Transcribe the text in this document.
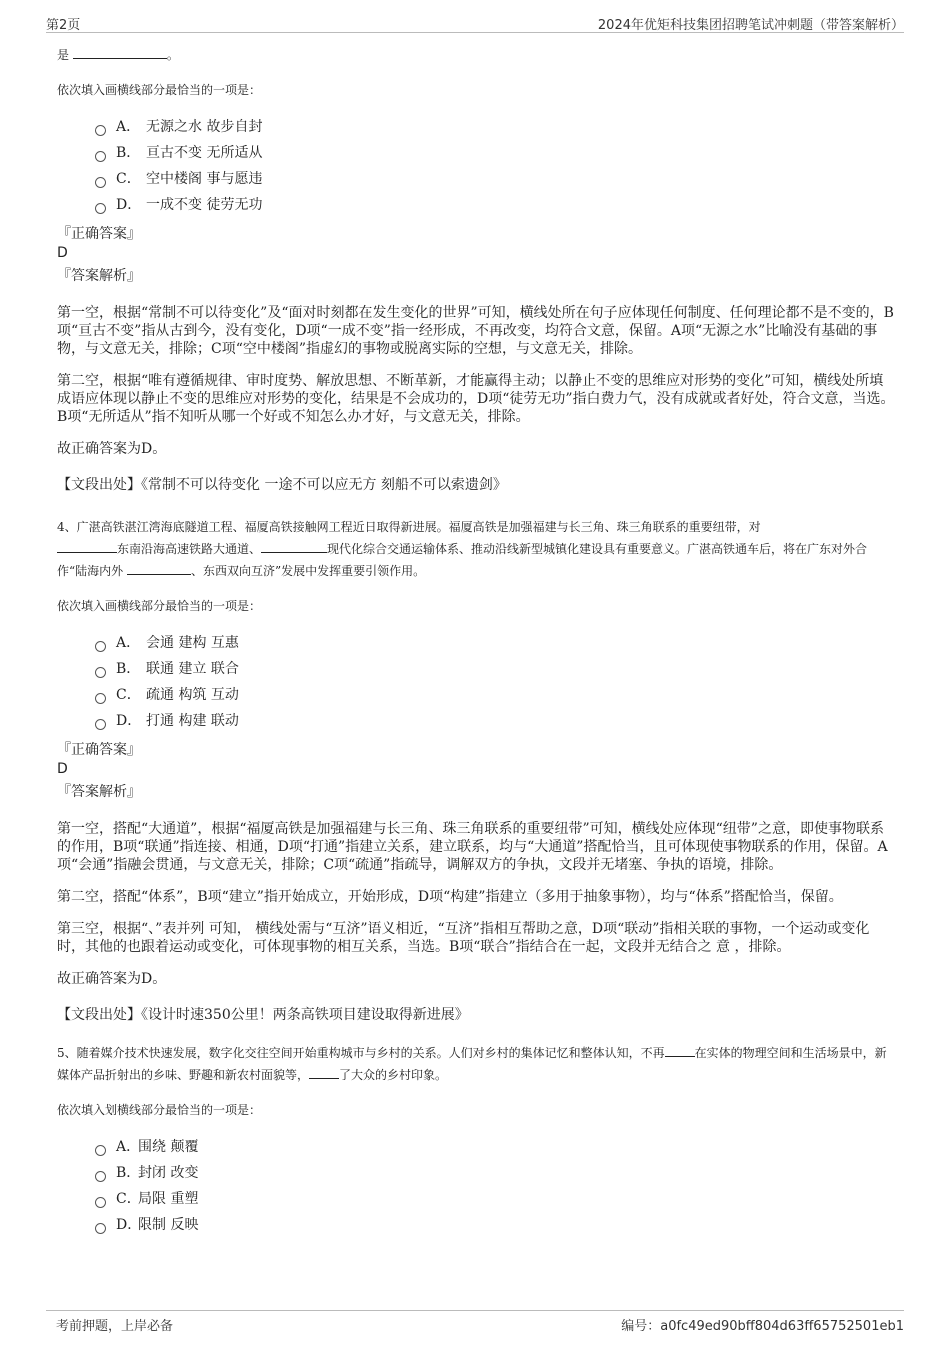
第2页	2024年优矩科技集团招聘笔试冲刺题（带答案解析）
是	。
依次填入画横线部分最恰当的一项是：
A． 无源之水 故步自封
B． 亘古不变 无所适从
C． 空中楼阁 事与愿违
D． 一成不变 徒劳无功
『正确答案』
D
『答案解析』
第一空，根据“常制不可以待变化”及“面对时刻都在发生变化的世界”可知，横线处所在句子应体现任何制度、任何理论都不是不变的，B项“亘古不变”指从古到今，没有变化，D项“一成不变”指一经形成，不再改变，均符合文意，保留。A项“无源之水”比喻没有基础的事物，与文意无关，排除；C项“空中楼阁”指虚幻的事物或脱离实际的空想，与文意无关，排除。
第二空，根据“唯有遵循规律、审时度势、解放思想、不断革新，才能赢得主动；以静止不变的思维应对形势的变化”可知，横线处所填成语应体现以静止不变的思维应对形势的变化，结果是不会成功的，D项“徒劳无功”指白费力气，没有成就或者好处，符合文意，当选。B项“无所适从”指不知听从哪一个好或不知怎么办才好，与文意无关，排除。
故正确答案为D。
【文段出处】《常制不可以待变化 一途不可以应无方 刻船不可以索遗剑》
4、广湛高铁湛江湾海底隧道工程、福厦高铁接触网工程近日取得新进展。福厦高铁是加强福建与长三角、珠三角联系的重要纽带，对
东南沿海高速铁路大通道、	现代化综合交通运输体系、推动沿线新型城镇化建设具有重要意义。广湛高铁通车后，将在广东对外合作“陆海内外	、东西双向互济”发展中发挥重要引领作用。
依次填入画横线部分最恰当的一项是：
A． 会通 建构 互惠
B． 联通 建立 联合
C． 疏通 构筑 互动
D． 打通 构建 联动
『正确答案』
D
『答案解析』
第一空，搭配“大通道”，根据“福厦高铁是加强福建与长三角、珠三角联系的重要纽带”可知，横线处应体现“纽带”之意，即使事物联系的作用，B项“联通”指连接、相通，D项“打通”指建立关系，建立联系，均与“大通道”搭配恰当，且可体现使事物联系的作用，保留。A项“会通”指融会贯通，与文意无关，排除；C项“疏通”指疏导，调解双方的争执，文段并无堵塞、争执的语境，排除。
第二空，搭配“体系”，B项“建立”指开始成立，开始形成，D项“构建”指建立（多用于抽象事物），均与“体系”搭配恰当，保留。
第三空，根据“、”表并列 可知， 横线处需与“互济”语义相近，“互济”指相互帮助之意，D项“联动”指相关联的事物，一个运动或变化时，其他的也跟着运动或变化，可体现事物的相互关系，当选。B项“联合”指结合在一起，文段并无结合之 意 ，排除。
故正确答案为D。
【文段出处】《设计时速350公里！两条高铁项目建设取得新进展》
5、随着媒介技术快速发展，数字化交往空间开始重构城市与乡村的关系。人们对乡村的集体记忆和整体认知，不再	在实体的物理空间和生活场景中，新媒体产品折射出的乡味、野趣和新农村面貌等，	了大众的乡村印象。
依次填入划横线部分最恰当的一项是：
A．
围绕 颠覆
B．
封闭 改变
C．
局限 重塑
D．
限制 反映
考前押题，上岸必备	编号：a0fc49ed90bff804d63ff65752501eb1
